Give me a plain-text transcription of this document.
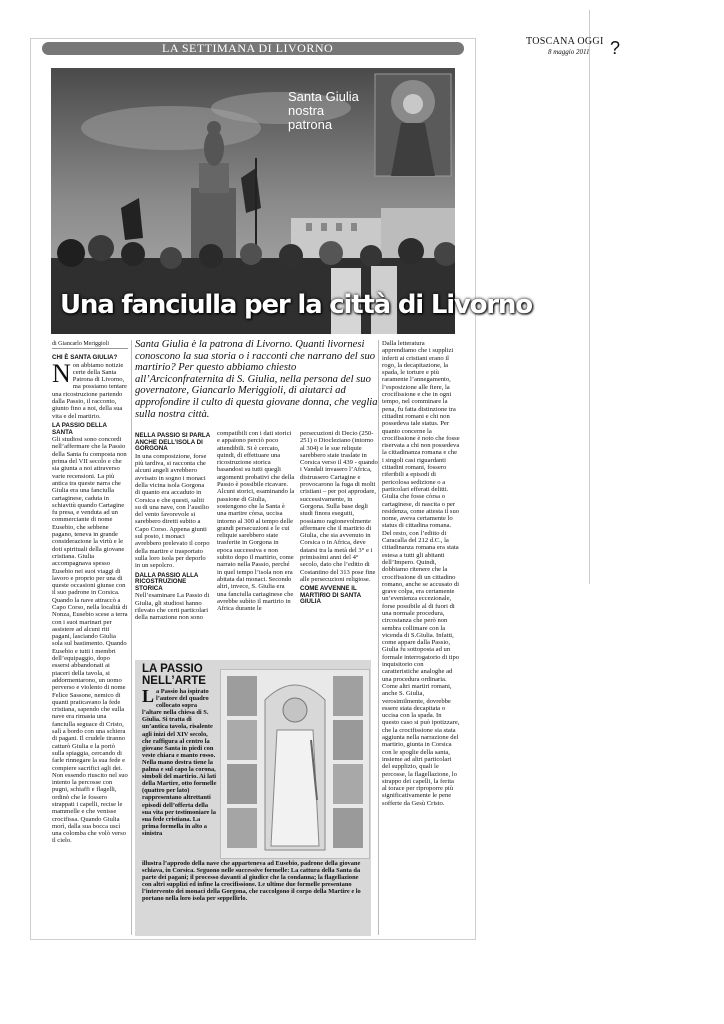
LA SETTIMANA DI LIVORNO	TOSCANA OGGI
8 maggio 2011 ?
Santa Giulia nostra patrona
Una fanciulla per la città di Livorno
di Giancarlo Meriggioli	Santa Giulia è la patrona di Livorno. Quanti livornesi conoscono la sua storia o i racconti che narrano del suo martirio? Per questo abbiamo chiesto all’Arciconfraternita di S. Giulia, nella persona del suo governatore, Giancarlo Meriggioli, di aiutarci ad approfondire il culto di questa giovane donna, che veglia sulla nostra città.

CHI È SANTA GIULIA?

Non abbiamo notizie certe della Santa Patrona di Livorno, ma possiamo tentare una ricostruzione partendo dalla Passio, il racconto, giunto fino a noi, della sua vita e del martirio.

LA PASSIO DELLA SANTA

Gli studiosi sono concordi nell’affermare che la Passio della Santa fu composta non prima del VII secolo e che sia giunta a noi attraverso varie recensioni. La più antica tra queste narra che Giulia era una fanciulla cartaginese, caduta in schiavitù quando Cartagine fu presa, e venduta ad un commerciante di nome Eusebio, che sebbene pagano, teneva in grande considerazione la virtù e le doti spirituali della giovane cristiana. Giulia accompagnava spesso Eusebio nei suoi viaggi di lavoro e proprio per una di queste occasioni giunse con il suo padrone in Corsica. Quando la nave attraccò a Capo Corso, nella località di Nonza, Eusebio scese a terra con i suoi marinari per assistere ad alcuni riti pagani, lasciando Giulia sola sul bastimento. Quando Eusebio e tutti i membri dell’equipaggio, dopo essersi abbandonati ai piaceri della tavola, si addormentarono, un uomo perverso e violento di nome Felice Sassone, nemico di quanti praticavano la fede cristiana, sapendo che sulla nave era rimasta una fanciulla seguace di Cristo, salì a bordo con una schiera di pagani. Il crudele tiranno catturò Giulia e la portò sulla spiaggia, cercando di farle rinnegare la sua fede e compiere sacrifici agli dei. Non essendo riuscito nel suo intento la percosse con pugni, schiaffi e flagelli, ordinò che le fossero strappati i capelli, recise le mammelle e che venisse crocifissa. Quando Giulia morì, dalla sua bocca uscì una colomba che volò verso il cielo.

NELLA PASSIO SI PARLA ANCHE DELL’ISOLA DI GORGONA

In una composizione, forse più tardiva, si racconta che alcuni angeli avrebbero avvisato in sogno i monaci della vicina isola Gorgona di quanto era accaduto in Corsica e che questi, saliti su di una nave, con l’ausilio del vento favorevole si sarebbero diretti subito a Capo Corso. Appena giunti sul posto, i monaci avrebbero prelevato il corpo della martire e trasportato sulla loro isola per deporlo in un sepolcro.

DALLA PASSIO ALLA RICOSTRUZIONE STORICA

Nell’esaminare La Passio di Giulia, gli studiosi hanno rilevato che certi particolari della narrazione non sono

compatibili con i dati storici e appaiono perciò poco attendibili. Si è cercato, quindi, di effettuare una ricostruzione storica basandosi su tutti quegli argomenti probativi che della Passio è possibile ricavare. Alcuni storici, esaminando la passione di Giulia, sostengono che la Santa è una martire còrsa, uccisa intorno al 300 al tempo delle grandi persecuzioni e le cui reliquie sarebbero state trasferite in Gorgona in epoca successiva e non subito dopo il martirio, come narrato nella Passio, perché in quel tempo l’isola non era abitata dai monaci. Secondo altri, invece, S. Giulia era una fanciulla cartaginese che avrebbe subìto il martirio in Africa durante le

persecuzioni di Decio (250-251) o Diocleziano (intorno al 304) e le sue reliquie sarebbero state traslate in Corsica verso il 439 - quando i Vandali invasero l’Africa, distrussero Cartagine e provocarono la fuga di molti cristiani – per poi approdare, successivamente, in Gorgona. Sulla base degli studi finora eseguiti, possiamo ragionevolmente affermare che il martirio di Giulia, che sia avvenuto in Corsica o in Africa, deve datarsi tra la metà del 3° e i primissimi anni del 4° secolo, dato che l’editto di Costantino del 313 pose fine alle persecuzioni religiose.

COME AVVENNE IL MARTIRIO DI SANTA GIULIA

Dalla letteratura apprendiamo che i supplizi inferti ai cristiani erano il rogo, la decapitazione, la spada, le torture e più raramente l’annegamento, l’esposizione alle fiere, la crocifissione e che in ogni tempo, nel comminare la pena, fu fatta distinzione tra cittadini romani e chi non possedeva tale status. Per quanto concerne la crocifissione è noto che fosse riservata a chi non possedeva la cittadinanza romana e che i singoli casi riguardanti cittadini romani, fossero riferibili a episodi di pericolosa sedizione o a particolari efferati delitti. Giulia che fosse còrsa o cartaginese, di nascita o per residenza, come attesta il suo nome, aveva certamente lo status di cittadina romana. Del resto, con l’editto di Caracalla del 212 d.C., la cittadinanza romana era stata estesa a tutti gli abitanti dell’Impero. Quindi, dobbiamo ritenere che la crocifissione di un cittadino romano, anche se accusato di grave colpa, era certamente un’evenienza eccezionale, forse possibile al di fuori di una normale procedura, circostanza che però non sembra collimare con la vicenda di S.Giulia. Infatti, come appare dalla Passio, Giulia fu sottoposta ad un formale interrogatorio di tipo inquisitorio con caratteristiche analoghe ad una procedura ordinaria. Come altri martiri romani, anche S. Giulia, verosimilmente, dovrebbe essere stata decapitata o uccisa con la spada. In questo caso si può ipotizzare, che la crocifissione sia stata aggiunta nella narrazione del martirio, giunta in Corsica con le spoglie della santa, insieme ad altri particolari del supplizio, quali le percosse, la flagellazione, lo strappo dei capelli, la ferita al torace per riproporre più significativamente le pene sofferte da Gesù Cristo.

LA PASSIO NELL’ARTE
La Passio ha ispirato l’autore del quadro collocato sopra l’altare nella chiesa di S. Giulia. Si tratta di un’antica tavola, risalente agli inizi del XIV secolo, che raffigura al centro la giovane Santa in piedi con veste chiara e manto rosso. Nella mano destra tiene la palma e sul capo la corona, simboli del martirio. Ai lati della Martire, otto formelle (quattro per lato) rappresentano altrettanti episodi dell’offerta della sua vita per testimoniare la sua fede cristiana. La prima formella in alto a sinistra
illustra l’approdo della nave che apparteneva ad Eusebio, padrone della giovane schiava, in Corsica. Seguono nelle successive formelle: La cattura della Santa da parte dei pagani; il processo davanti al giudice che la condanna; la flagellazione con altri supplizi ed infine la crocifissione. Le ultime due formelle presentano l’intervento dei monaci della Gorgona, che raccolgono il corpo della Martire e lo portano nella loro isola per seppellirlo.
